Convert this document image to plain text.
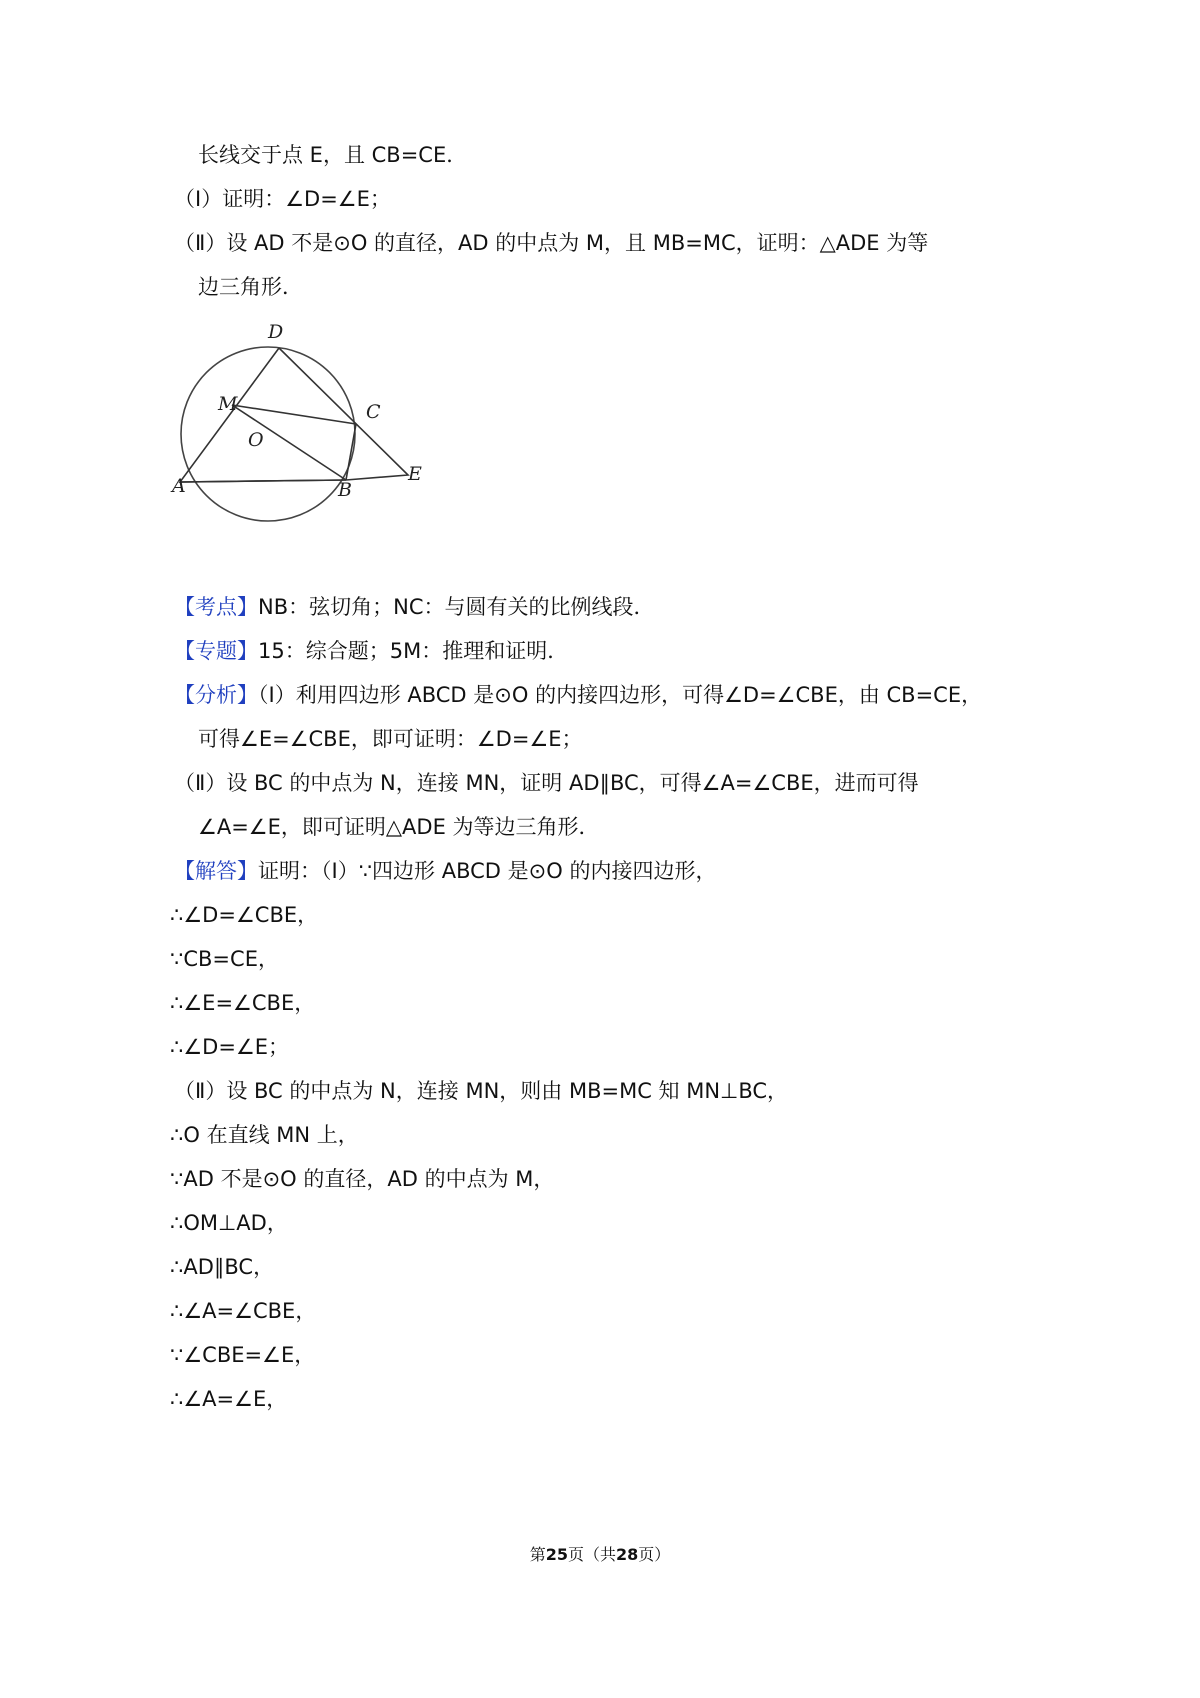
长线交于点 E，且 CB=CE．
（Ⅰ）证明：∠D=∠E；
（Ⅱ）设 AD 不是⊙O 的直径，AD 的中点为 M，且 MB=MC，证明：△ADE 为等
边三角形．
D
M	C
O
A	B
E
【考点】NB：弦切角；NC：与圆有关的比例线段．
【专题】15：综合题；5M：推理和证明．
【分析】（Ⅰ）利用四边形 ABCD 是⊙O 的内接四边形，可得∠D=∠CBE，由 CB=CE，
可得∠E=∠CBE，即可证明：∠D=∠E；
（Ⅱ）设 BC 的中点为 N，连接 MN，证明 AD∥BC，可得∠A=∠CBE，进而可得
∠A=∠E，即可证明△ADE 为等边三角形．
【解答】证明：（Ⅰ）∵四边形 ABCD 是⊙O 的内接四边形，
∴∠D=∠CBE，
∵CB=CE，
∴∠E=∠CBE，
∴∠D=∠E；
（Ⅱ）设 BC 的中点为 N，连接 MN，则由 MB=MC 知 MN⊥BC，
∴O 在直线 MN 上，
∵AD 不是⊙O 的直径，AD 的中点为 M，
∴OM⊥AD，
∴AD∥BC，
∴∠A=∠CBE，
∵∠CBE=∠E，
∴∠A=∠E，
第25页（共28页）
